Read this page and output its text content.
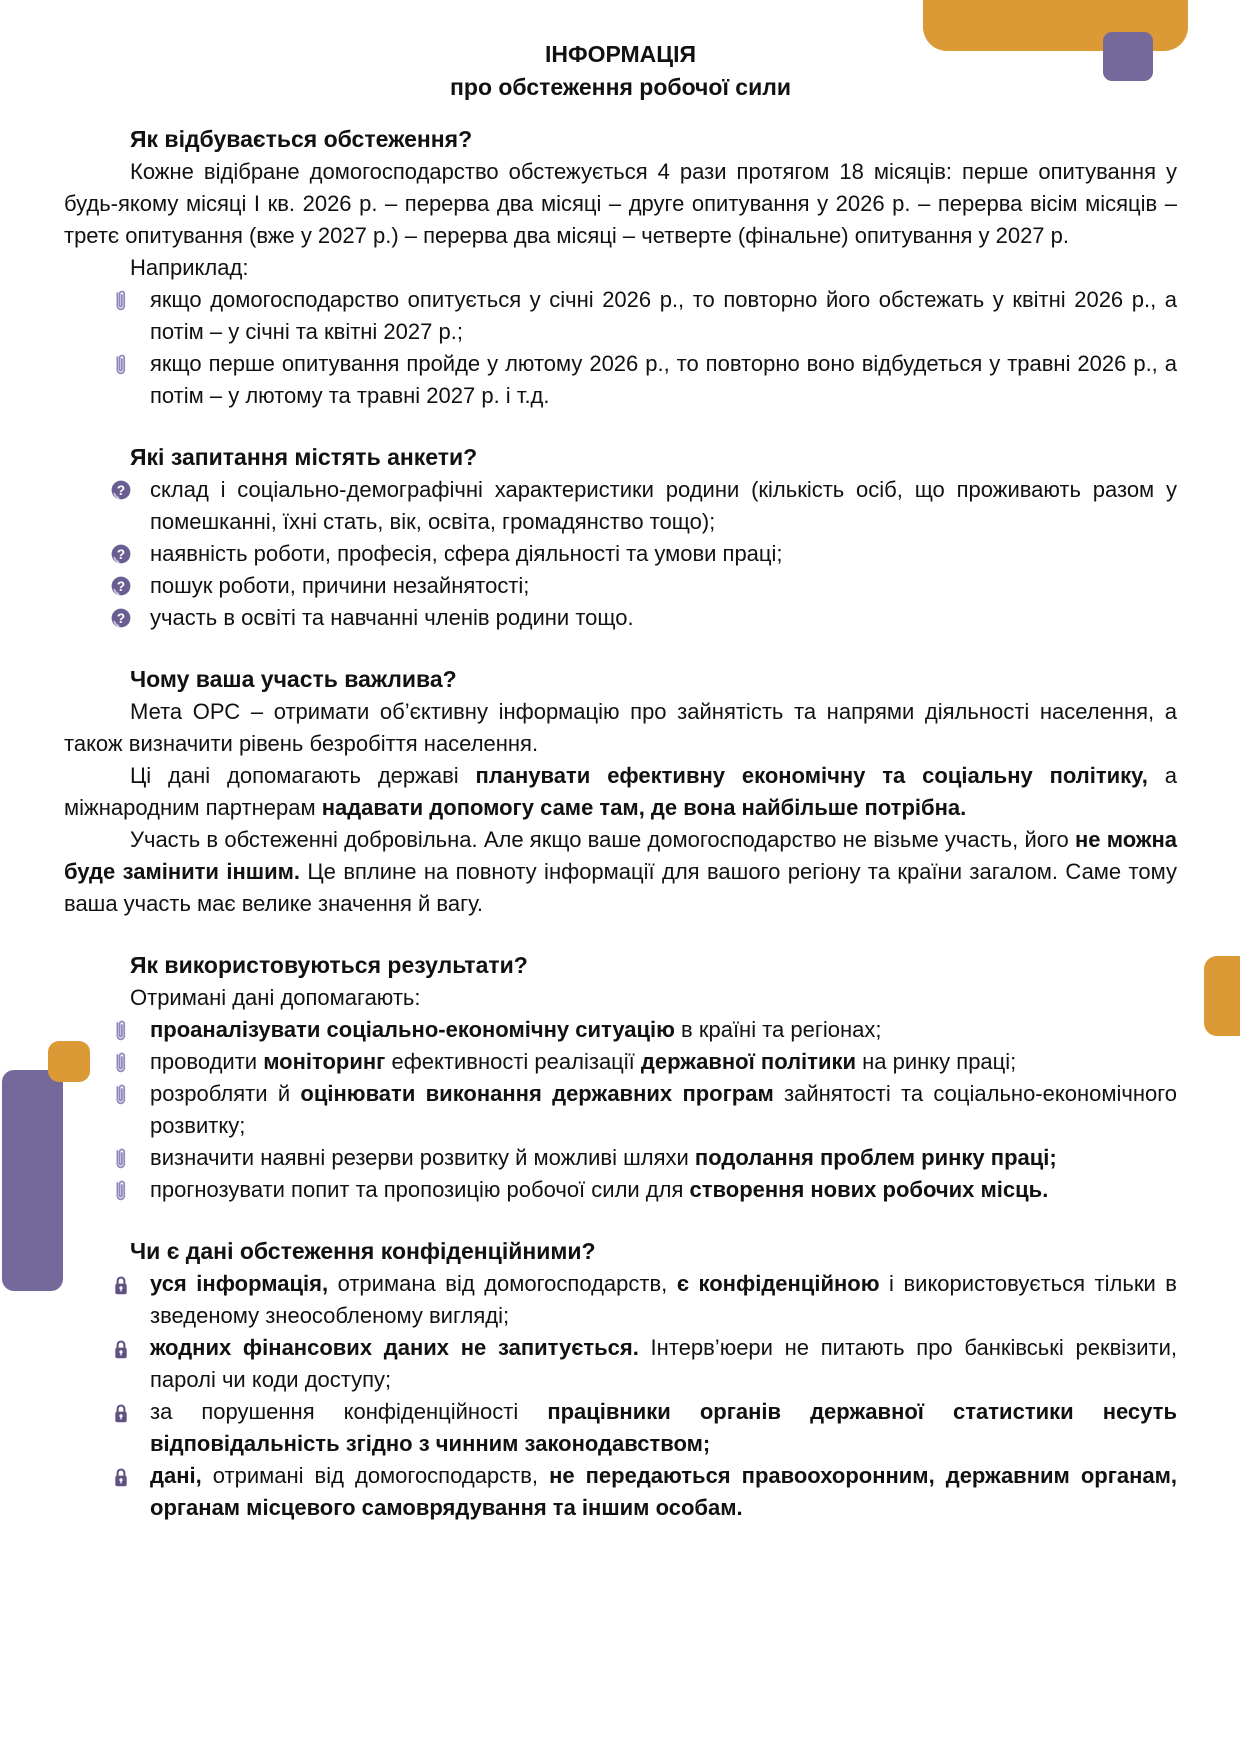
ІНФОРМАЦІЯ
про обстеження робочої сили

Як відбувається обстеження?

Кожне відібране домогосподарство обстежується 4 рази протягом 18 місяців: перше опитування у будь-якому місяці І кв. 2026 р. – перерва два місяці – друге опитування у 2026 р. – перерва вісім місяців – третє опитування (вже у 2027 р.) – перерва два місяці – четверте (фінальне) опитування у 2027 р.

Наприклад:

якщо домогосподарство опитується у січні 2026 р., то повторно його обстежать у квітні 2026 р., а потім – у січні та квітні 2027 р.;
якщо перше опитування пройде у лютому 2026 р., то повторно воно відбудеться у травні 2026 р., а потім – у лютому та травні 2027 р. і т.д.

Які запитання містять анкети?

? склад і соціально-демографічні характеристики родини (кількість осіб, що проживають разом у помешканні, їхні стать, вік, освіта, громадянство тощо);
? наявність роботи, професія, сфера діяльності та умови праці;
? пошук роботи, причини незайнятості;
? участь в освіті та навчанні членів родини тощо.

Чому ваша участь важлива?

Мета ОРС – отримати об’єктивну інформацію про зайнятість та напрями діяльності населення, а також визначити рівень безробіття населення.

Ці дані допомагають державі планувати ефективну економічну та соціальну політику, а міжнародним партнерам надавати допомогу саме там, де вона найбільше потрібна.

Участь в обстеженні добровільна. Але якщо ваше домогосподарство не візьме участь, його не можна буде замінити іншим. Це вплине на повноту інформації для вашого регіону та країни загалом. Саме тому ваша участь має велике значення й вагу.

Як використовуються результати?

Отримані дані допомагають:

проаналізувати соціально-економічну ситуацію в країні та регіонах;
проводити моніторинг ефективності реалізації державної політики на ринку праці;
розробляти й оцінювати виконання державних програм зайнятості та соціально-економічного розвитку;
визначити наявні резерви розвитку й можливі шляхи подолання проблем ринку праці;
прогнозувати попит та пропозицію робочої сили для створення нових робочих місць.

Чи є дані обстеження конфіденційними?

уся інформація, отримана від домогосподарств, є конфіденційною і використовується тільки в зведеному знеособленому вигляді;
жодних фінансових даних не запитується. Інтерв’юери не питають про банківські реквізити, паролі чи коди доступу;
за порушення конфіденційності працівники органів державної статистики несуть відповідальність згідно з чинним законодавством;
дані, отримані від домогосподарств, не передаються правоохоронним, державним органам, органам місцевого самоврядування та іншим особам.
